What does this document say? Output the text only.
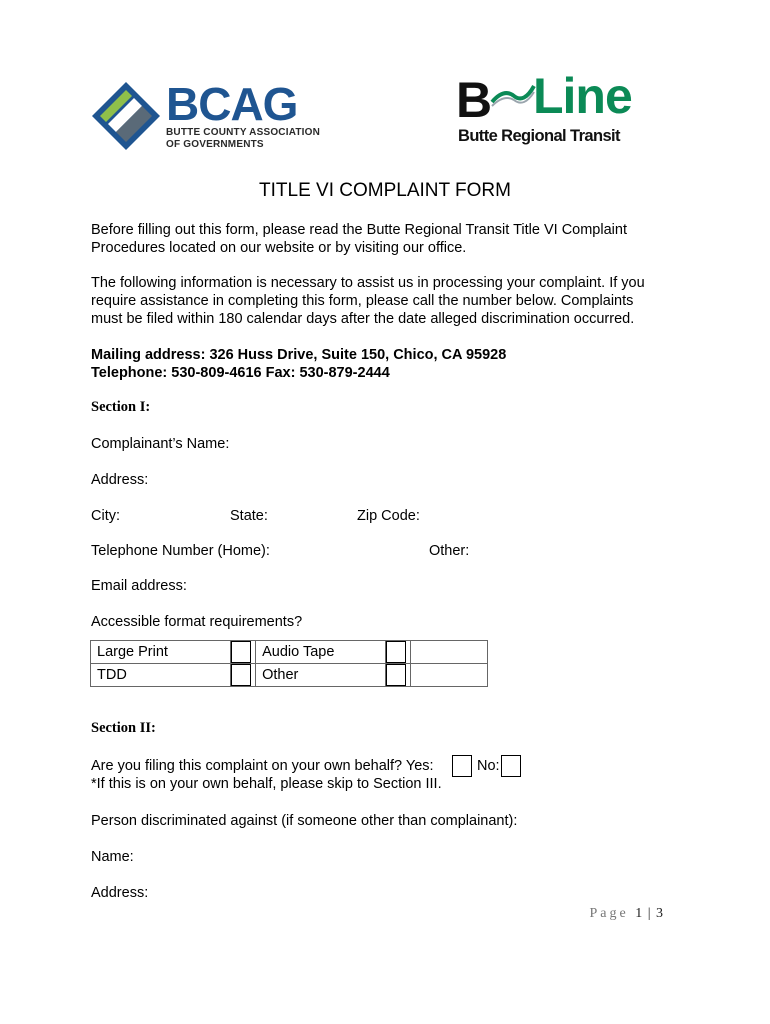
BCAG
BUTTE COUNTY ASSOCIATION
OF GOVERNMENTS
B Line
Butte Regional Transit
TITLE VI COMPLAINT FORM
Before filling out this form, please read the Butte Regional Transit Title VI Complaint
Procedures located on our website or by visiting our office.
The following information is necessary to assist us in processing your complaint. If you
require assistance in completing this form, please call the number below. Complaints
must be filed within 180 calendar days after the date alleged discrimination occurred.
Mailing address: 326 Huss Drive, Suite 150, Chico, CA 95928
Telephone: 530-809-4616 Fax: 530-879-2444
Section I:
Complainant’s Name:
Address:
City:	State:	Zip Code:
Telephone Number (Home):	Other:
Email address:
Accessible format requirements?
Large Print		Audio Tape		
TDD		Other		
Section II:
Are you filing this complaint on your own behalf? Yes:	No:
*If this is on your own behalf, please skip to Section III.
Person discriminated against (if someone other than complainant):
Name:
Address:
Page 1 | 3
